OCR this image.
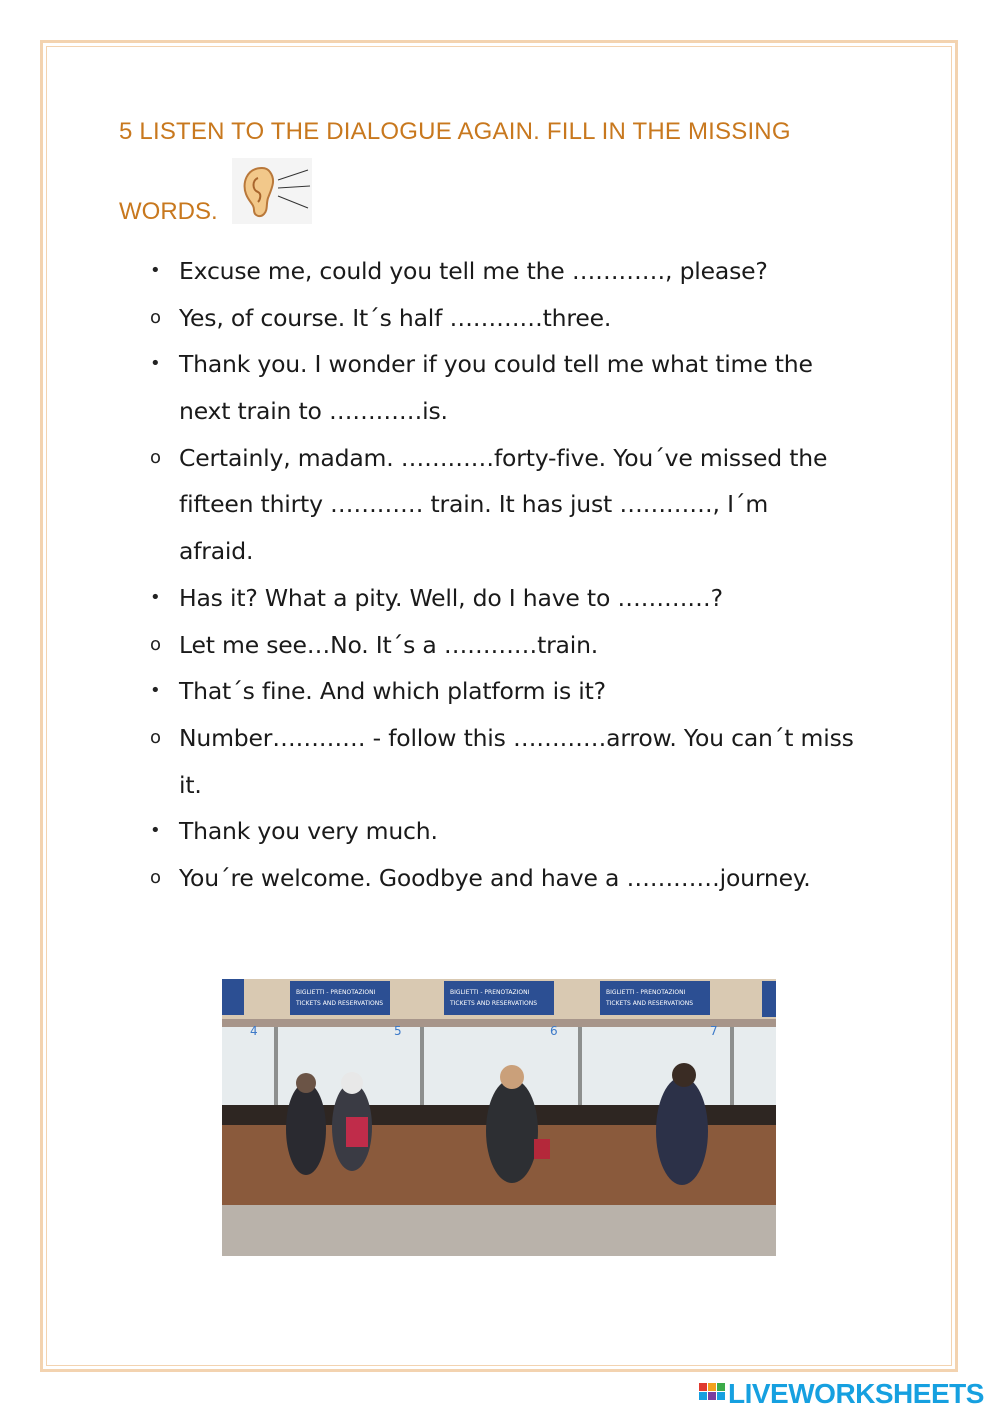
5 LISTEN TO THE DIALOGUE AGAIN. FILL IN THE MISSING
WORDS.
• Excuse me, could you tell me the …………, please?
o Yes, of course. It´s half …………three.
• Thank you. I wonder if you could tell me what time the
next train to …………is.
o Certainly, madam. …………forty-five. You´ve missed the
fifteen thirty ………… train. It has just …………, I´m
afraid.
• Has it? What a pity. Well, do I have to …………?
o Let me see…No. It´s a …………train.
• That´s fine. And which platform is it?
o Number………… - follow this …………arrow. You can´t miss
it.
• Thank you very much.
o You´re welcome. Goodbye and have a …………journey.
BIGLIETTI - PRENOTAZIONI
TICKETS AND RESERVATIONS
BIGLIETTI - PRENOTAZIONI
TICKETS AND RESERVATIONS
BIGLIETTI - PRENOTAZIONI
TICKETS AND RESERVATIONS
4	5	6	7
LIVEWORKSHEETS
